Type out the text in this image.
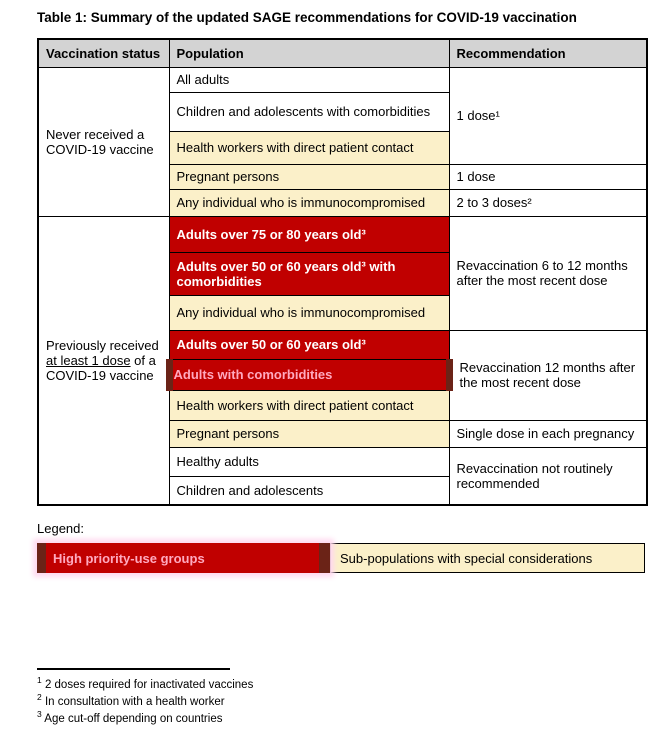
Table 1: Summary of the updated SAGE recommendations for COVID-19 vaccination
Vaccination status	Population	Recommendation
Never received a COVID-19 vaccine	All adults	1 dose¹
	Children and adolescents with comorbidities	
	Health workers with direct patient contact	
	Pregnant persons	1 dose
	Any individual who is immunocompromised	2 to 3 doses²
Previously received at least 1 dose of a COVID-19 vaccine	Adults over 75 or 80 years old³	Revaccination 6 to 12 months after the most recent dose
	Adults over 50 or 60 years old³ with comorbidities	
	Any individual who is immunocompromised	
	Adults over 50 or 60 years old³	Revaccination 12 months after the most recent dose
	Adults with comorbidities	
	Health workers with direct patient contact	
	Pregnant persons	Single dose in each pregnancy
	Healthy adults	Revaccination not routinely recommended
	Children and adolescents	
Legend:
High priority-use groups	Sub-populations with special considerations
$^1$ 2 doses required for inactivated vaccines
$^2$ In consultation with a health worker
$^3$ Age cut-off depending on countries
